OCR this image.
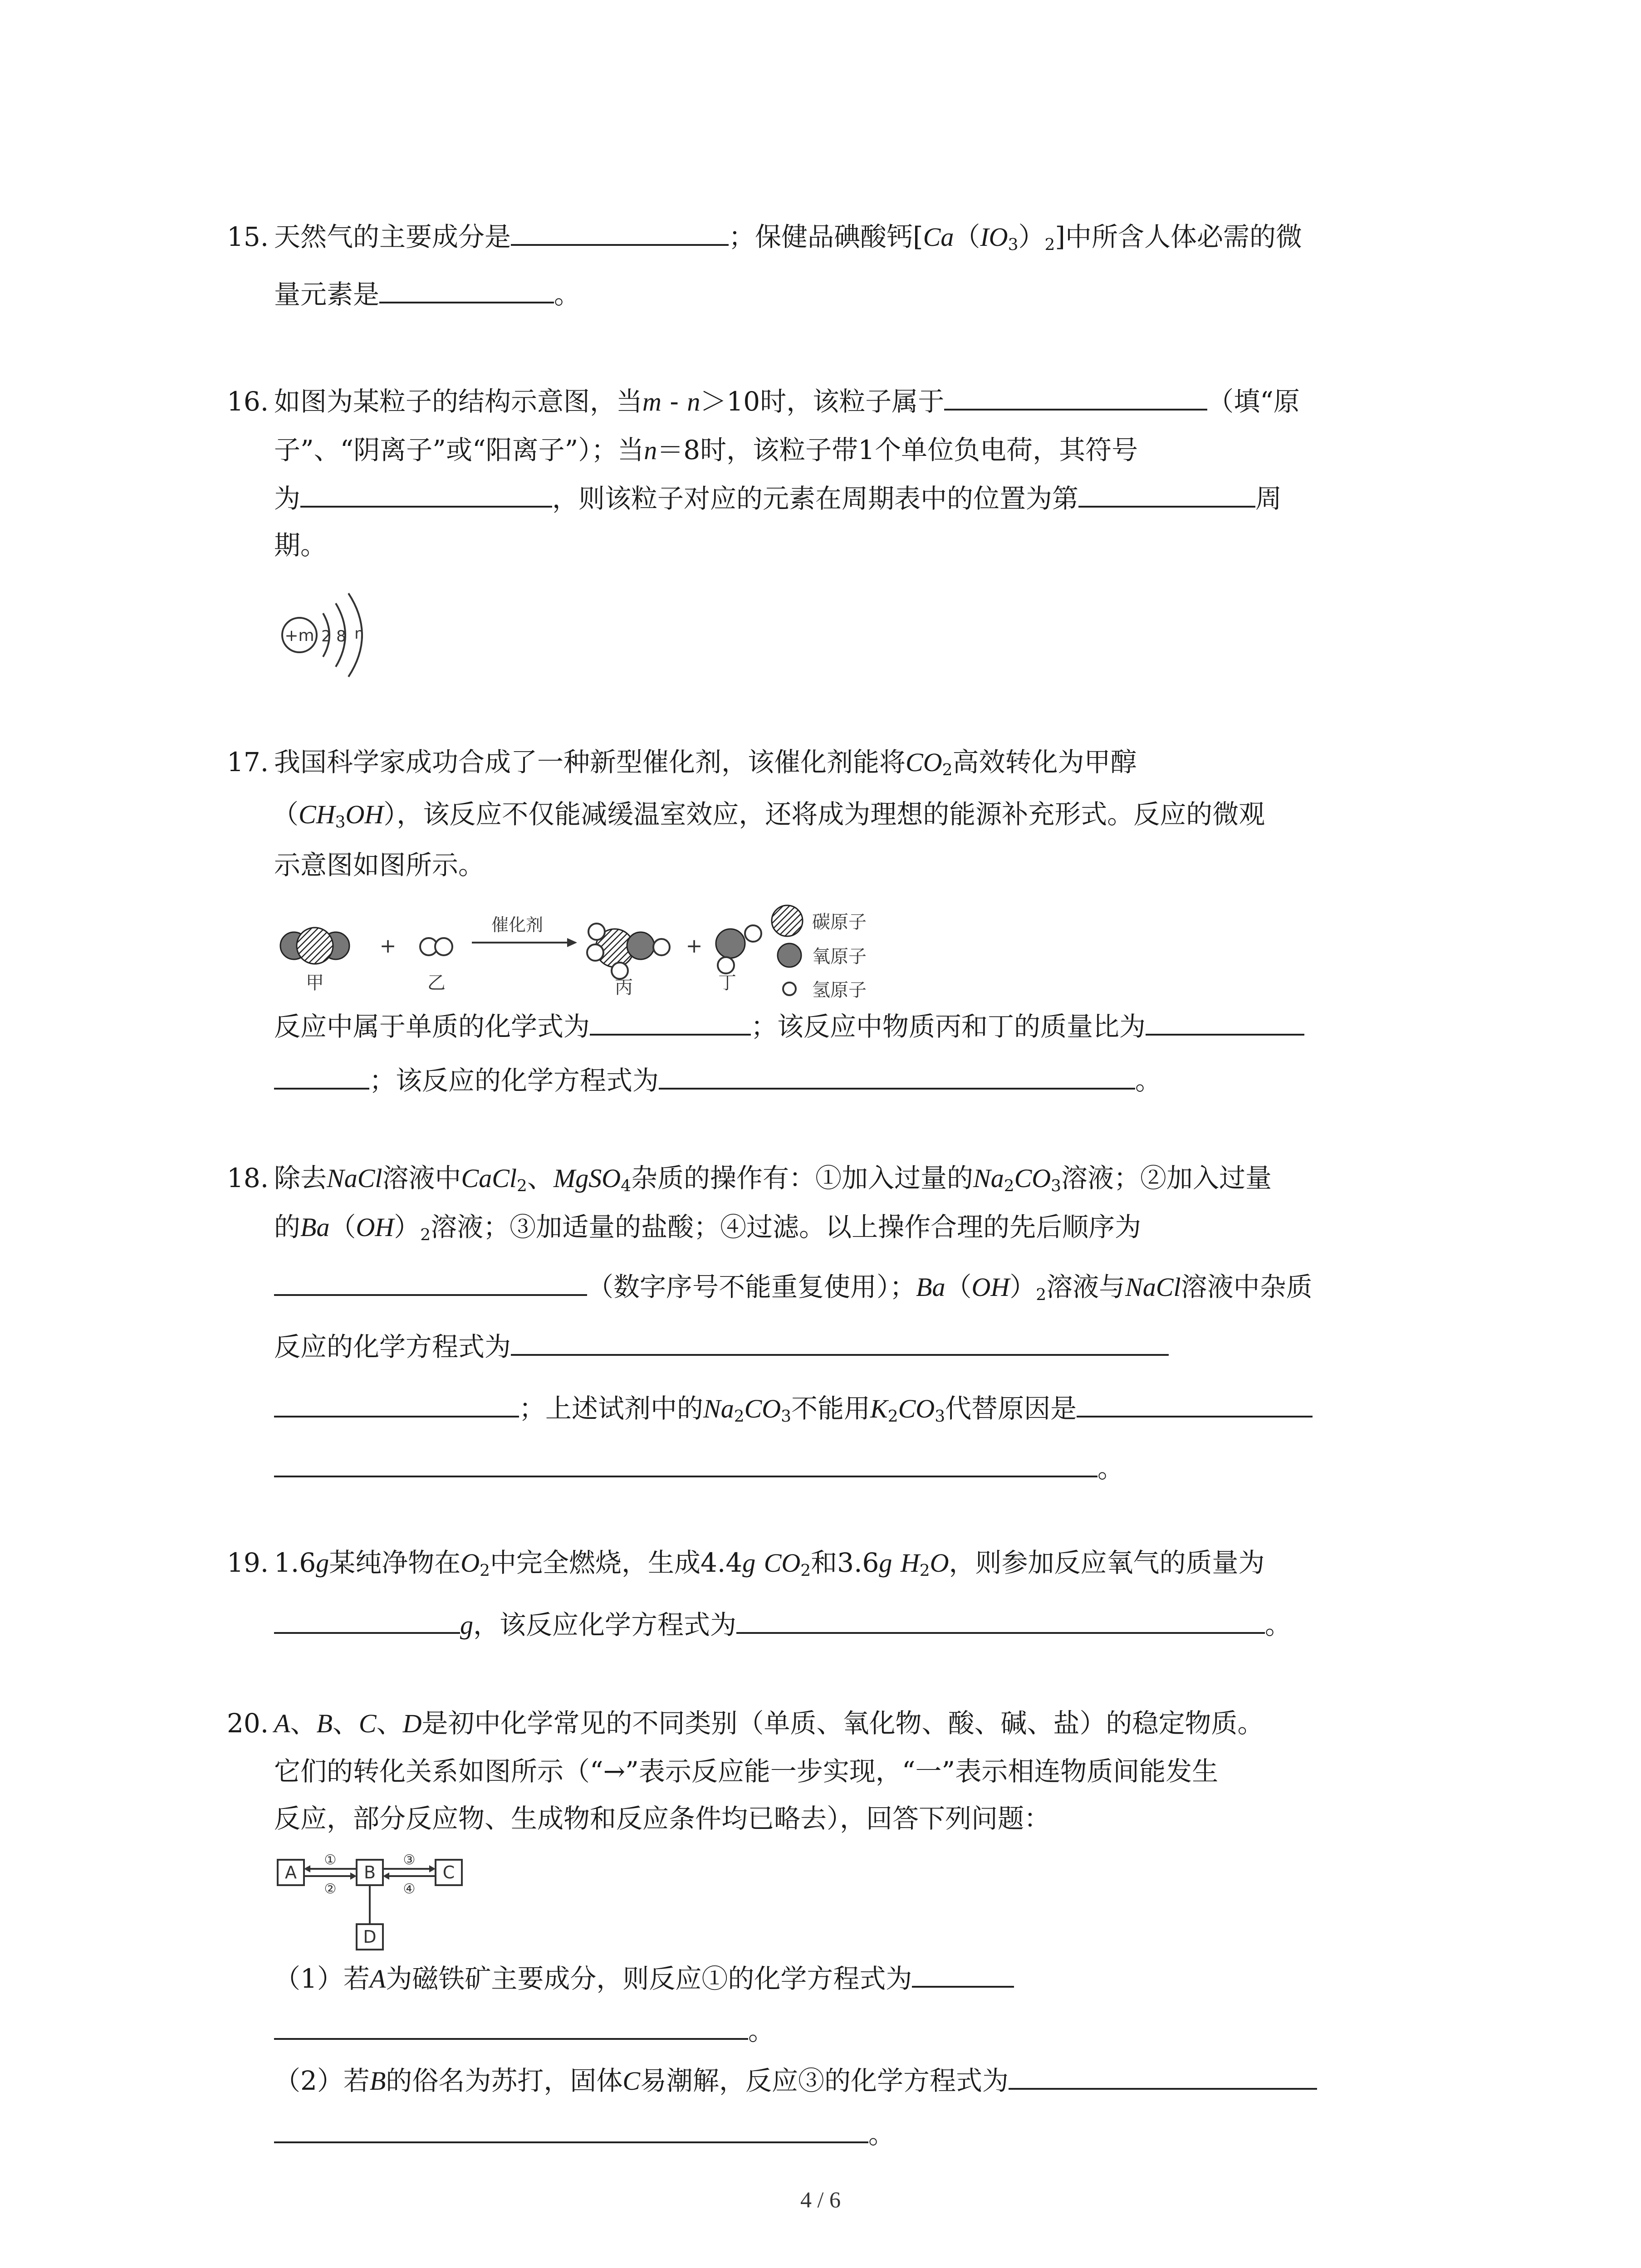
15. 天然气的主要成分是	；保健品碘酸钙$[Ca(IO_3)_2]$中所含人体必需的微
量元素是	。
16. 如图为某粒子的结构示意图，当m - n＞10时，该粒子属于	（填“原
子”、“阴离子”或“阳离子”）；当n＝8时，该粒子带1个单位负电荷，其符号
为	，则该粒子对应的元素在周期表中的位置为第	周
期。
+m 2 8 n
17. 我国科学家成功合成了一种新型催化剂，该催化剂能将$CO_2$高效转化为甲醇
$(CH_3OH)$，该反应不仅能减缓温室效应，还将成为理想的能源补充形式。反应的微观
示意图如图所示。
甲
+
乙
催化剂
丙
+
丁
碳原子
氧原子
氢原子
反应中属于单质的化学式为	；该反应中物质丙和丁的质量比为
；该反应的化学方程式为	。
18. 除去NaCl溶液中CaCl$_2$、MgSO$_4$杂质的操作有：①加入过量的$Na_2CO_3$溶液；②加入过量
的$Ba(OH)_2$溶液；③加适量的盐酸；④过滤。以上操作合理的先后顺序为
（数字序号不能重复使用）；$Ba(OH)_2$溶液与NaCl溶液中杂质
反应的化学方程式为
；上述试剂中的$Na_2CO_3$不能用$K_2CO_3$代替原因是
。
19. 1.6g某纯净物在$O_2$中完全燃烧，生成4.4g $CO_2$和3.6g $H_2O$，则参加反应氧气的质量为
g，该反应化学方程式为	。
20. A、B、C、D是初中化学常见的不同类别（单质、氧化物、酸、碱、盐）的稳定物质。
它们的转化关系如图所示（“→”表示反应能一步实现，“一”表示相连物质间能发生
反应，部分反应物、生成物和反应条件均已略去），回答下列问题：
A	B	C
D
①
②
③
④
（1）若A为磁铁矿主要成分，则反应①的化学方程式为
。
（2）若B的俗名为苏打，固体C易潮解，反应③的化学方程式为
。
4 / 6
